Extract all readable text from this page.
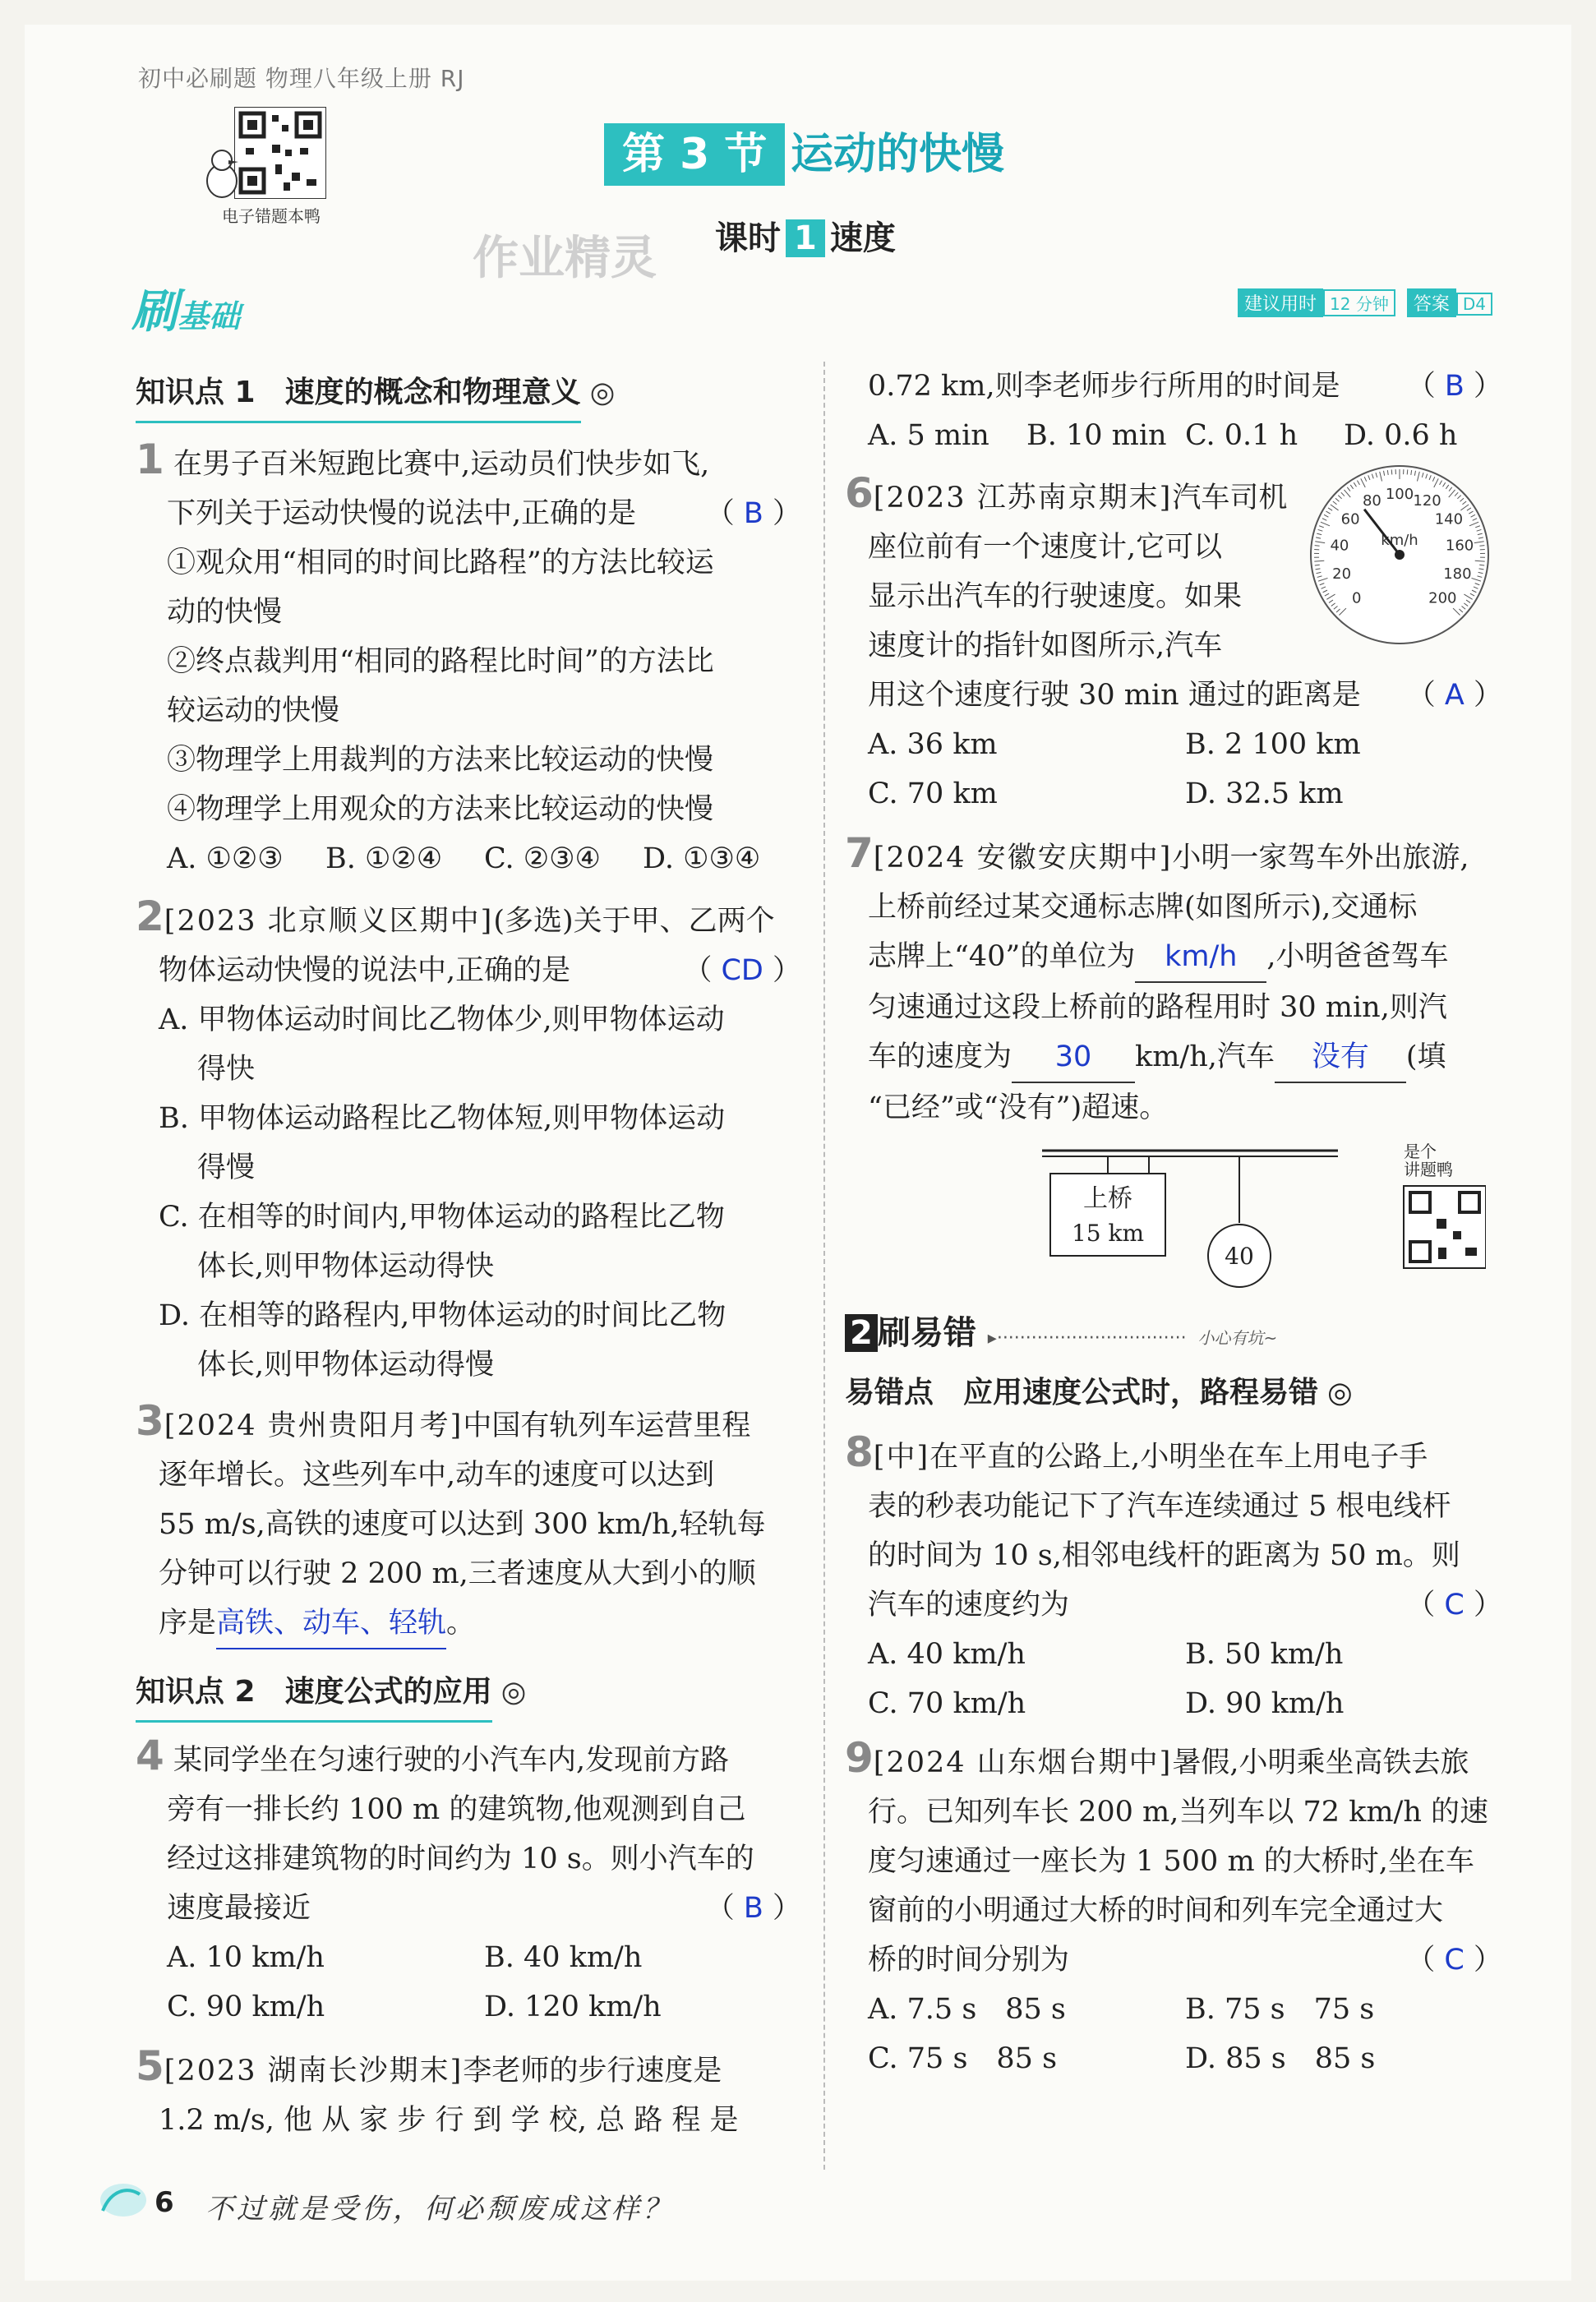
初中必刷题 物理八年级上册 RJ
电子错题本鸭
第 3 节 运动的快慢
作业精灵 课时 1 速度
刷基础	建议用时 12 分钟 答案 D4
知识点 1　速度的概念和物理意义 ◎
1 在男子百米短跑比赛中,运动员们快步如飞,
下列关于运动快慢的说法中,正确的是 （ B ）
①观众用“相同的时间比路程”的方法比较运
动的快慢
②终点裁判用“相同的路程比时间”的方法比
较运动的快慢
③物理学上用裁判的方法来比较运动的快慢
④物理学上用观众的方法来比较运动的快慢
A. ①②③	B. ①②④	C. ②③④	D. ①③④
2[2023 北京顺义区期中](多选)关于甲、乙两个
物体运动快慢的说法中,正确的是	（ CD ）
A. 甲物体运动时间比乙物体少,则甲物体运动
得快
B. 甲物体运动路程比乙物体短,则甲物体运动
得慢
C. 在相等的时间内,甲物体运动的路程比乙物
体长,则甲物体运动得快
D. 在相等的路程内,甲物体运动的时间比乙物
体长,则甲物体运动得慢
3[2024 贵州贵阳月考]中国有轨列车运营里程
逐年增长。这些列车中,动车的速度可以达到
55 m/s,高铁的速度可以达到 300 km/h,轻轨每
分钟可以行驶 2 200 m,三者速度从大到小的顺
序是高铁、动车、轻轨。
知识点 2　速度公式的应用 ◎
4 某同学坐在匀速行驶的小汽车内,发现前方路
旁有一排长约 100 m 的建筑物,他观测到自己
经过这排建筑物的时间约为 10 s。则小汽车的
速度最接近	（ B ）
A. 10 km/h	B. 40 km/h
C. 90 km/h	D. 120 km/h
5[2023 湖南长沙期末]李老师的步行速度是
1.2 m/s, 他 从 家 步 行 到 学 校, 总 路 程 是
0.72 km,则李老师步行所用的时间是 （ B ）
A. 5 min	B. 10 min C. 0.1 h	D. 0.6 h
6[2023 江苏南京期末]汽车司机
座位前有一个速度计,它可以
显示出汽车的行驶速度。如果
速度计的指针如图所示,汽车
用这个速度行驶 30 min 通过的距离是 （ A ）
A. 36 km	B. 2 100 km
C. 70 km	D. 32.5 km
0
20
40
60
80 100 120
140
160
180
200
km/h
7[2024 安徽安庆期中]小明一家驾车外出旅游,
上桥前经过某交通标志牌(如图所示),交通标
志牌上“40”的单位为 km/h ,小明爸爸驾车
匀速通过这段上桥前的路程用时 30 min,则汽
车的速度为 30 km/h,汽车 没有 (填
“已经”或“没有”)超速。
上桥
15 km
40
是个
讲题鸭
2 刷易错 ▸································· 小心有坑~
易错点　应用速度公式时，路程易错 ◎
8[中]在平直的公路上,小明坐在车上用电子手
表的秒表功能记下了汽车连续通过 5 根电线杆
的时间为 10 s,相邻电线杆的距离为 50 m。则
汽车的速度约为	（ C ）
A. 40 km/h	B. 50 km/h
C. 70 km/h	D. 90 km/h
9[2024 山东烟台期中]暑假,小明乘坐高铁去旅
行。已知列车长 200 m,当列车以 72 km/h 的速
度匀速通过一座长为 1 500 m 的大桥时,坐在车
窗前的小明通过大桥的时间和列车完全通过大
桥的时间分别为	（ C ）
A. 7.5 s　85 s	B. 75 s　75 s
C. 75 s　85 s	D. 85 s　85 s
6 不过就是受伤，何必颓废成这样？
